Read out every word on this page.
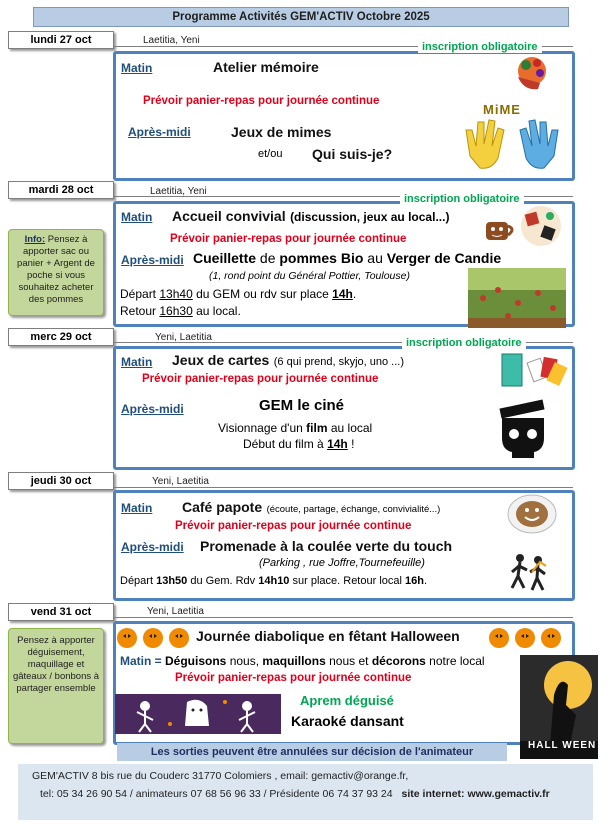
Programme Activités GEM'ACTIV Octobre 2025
lundi 27 oct	Laetitia, Yeni
inscription obligatoire
Matin	Atelier mémoire
Prévoir panier-repas pour journée continue
Après-midi	Jeux de mimes
et/ou Qui suis-je?
MiME
mardi 28 oct	Laetitia, Yeni
inscription obligatoire
Matin Accueil convivial (discussion, jeux au local...)
Prévoir panier-repas pour journée continue
Après-midi Cueillette de pommes Bio au Verger de Candie
(1, rond point du Général Pottier, Toulouse)
Départ 13h40 du GEM ou rdv sur place 14h.
Retour 16h30 au local.
Info: Pensez à apporter sac ou panier + Argent de poche si vous souhaitez acheter des pommes
merc 29 oct	Yeni, Laetitia	inscription obligatoire
Matin Jeux de cartes (6 qui prend, skyjo, uno ...)
Prévoir panier-repas pour journée continue
Après-midi	GEM le ciné
Visionnage d'un film au local
Début du film à 14h !
jeudi 30 oct	Yeni, Laetitia
Matin Café papote (écoute, partage, échange, convivialité...)
Prévoir panier-repas pour journée continue
Après-midi Promenade à la coulée verte du touch
(Parking , rue Joffre,Tournefeuille)
Départ 13h50 du Gem. Rdv 14h10 sur place. Retour local 16h.
vend 31 oct	Yeni, Laetitia
Journée diabolique en fêtant Halloween
Matin = Déguisons nous, maquillons nous et décorons notre local
Prévoir panier-repas pour journée continue
Aprem déguisé
Karaoké dansant
HALL WEEN
Pensez à apporter déguisement, maquillage et gâteaux / bonbons à partager ensemble
Les sorties peuvent être annulées sur décision de l'animateur
GEM'ACTIV 8 bis rue du Couderc 31770 Colomiers , email: gemactiv@orange.fr,
tel: 05 34 26 90 54 / animateurs 07 68 56 96 33 / Présidente 06 74 37 93 24 site internet: www.gemactiv.fr
